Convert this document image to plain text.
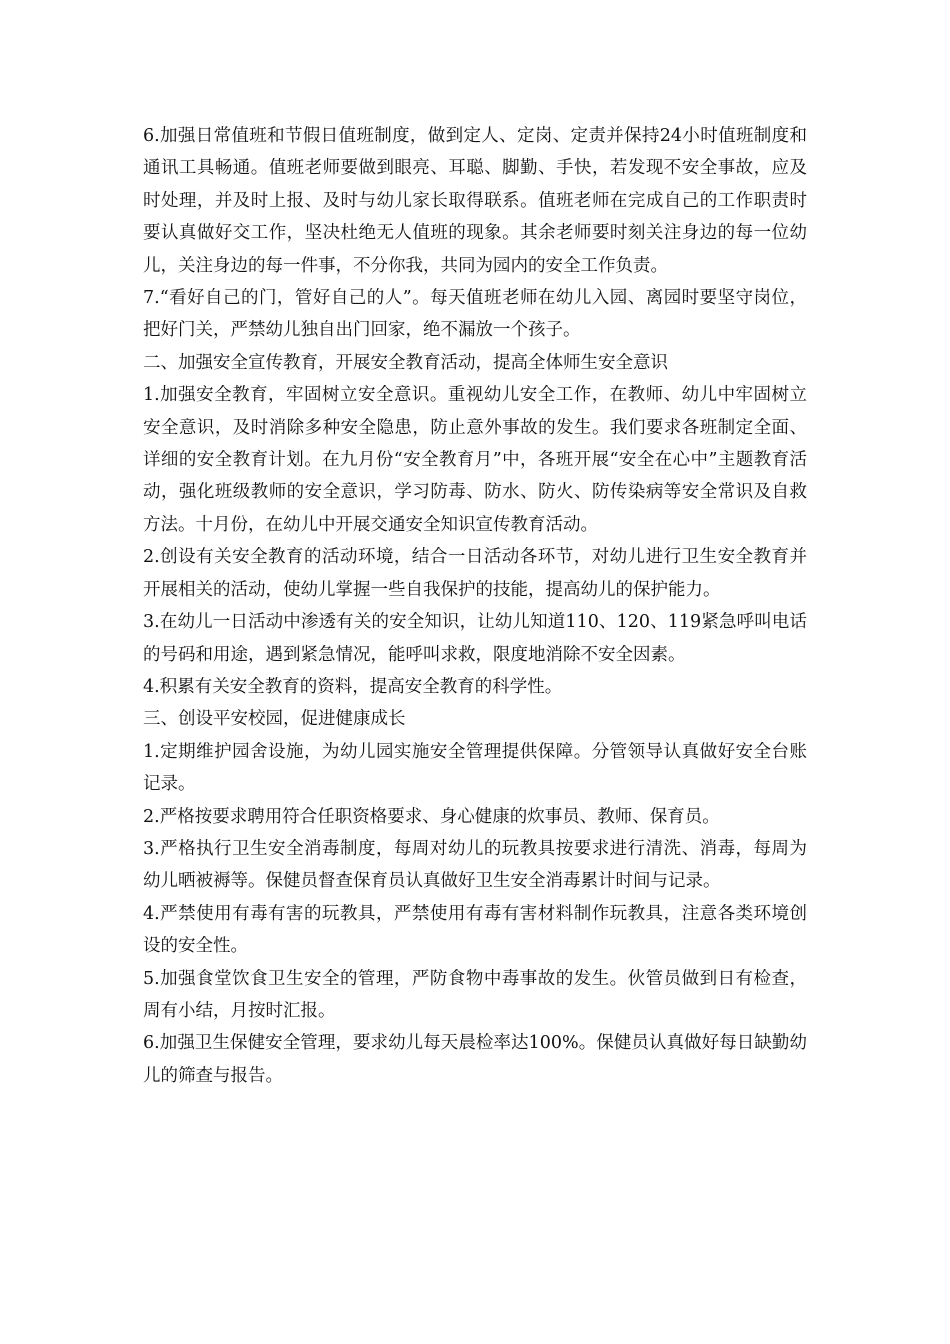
6.加强日常值班和节假日值班制度，做到定人、定岗、定责并保持24小时值班制度和通讯工具畅通。值班老师要做到眼亮、耳聪、脚勤、手快，若发现不安全事故，应及时处理，并及时上报、及时与幼儿家长取得联系。值班老师在完成自己的工作职责时要认真做好交工作，坚决杜绝无人值班的现象。其余老师要时刻关注身边的每一位幼儿，关注身边的每一件事，不分你我，共同为园内的安全工作负责。

7.“看好自己的门，管好自己的人”。每天值班老师在幼儿入园、离园时要坚守岗位，把好门关，严禁幼儿独自出门回家，绝不漏放一个孩子。

二、加强安全宣传教育，开展安全教育活动，提高全体师生安全意识

1.加强安全教育，牢固树立安全意识。重视幼儿安全工作，在教师、幼儿中牢固树立安全意识，及时消除多种安全隐患，防止意外事故的发生。我们要求各班制定全面、详细的安全教育计划。在九月份“安全教育月”中，各班开展“安全在心中”主题教育活动，强化班级教师的安全意识，学习防毒、防水、防火、防传染病等安全常识及自救方法。十月份，在幼儿中开展交通安全知识宣传教育活动。

2.创设有关安全教育的活动环境，结合一日活动各环节，对幼儿进行卫生安全教育并开展相关的活动，使幼儿掌握一些自我保护的技能，提高幼儿的保护能力。

3.在幼儿一日活动中渗透有关的安全知识，让幼儿知道110、120、119紧急呼叫电话的号码和用途，遇到紧急情况，能呼叫求救，限度地消除不安全因素。

4.积累有关安全教育的资料，提高安全教育的科学性。

三、创设平安校园，促进健康成长

1.定期维护园舍设施，为幼儿园实施安全管理提供保障。分管领导认真做好安全台账记录。

2.严格按要求聘用符合任职资格要求、身心健康的炊事员、教师、保育员。

3.严格执行卫生安全消毒制度，每周对幼儿的玩教具按要求进行清洗、消毒，每周为幼儿晒被褥等。保健员督查保育员认真做好卫生安全消毒累计时间与记录。

4.严禁使用有毒有害的玩教具，严禁使用有毒有害材料制作玩教具，注意各类环境创设的安全性。

5.加强食堂饮食卫生安全的管理，严防食物中毒事故的发生。伙管员做到日有检查，周有小结，月按时汇报。

6.加强卫生保健安全管理，要求幼儿每天晨检率达100%。保健员认真做好每日缺勤幼儿的筛查与报告。
